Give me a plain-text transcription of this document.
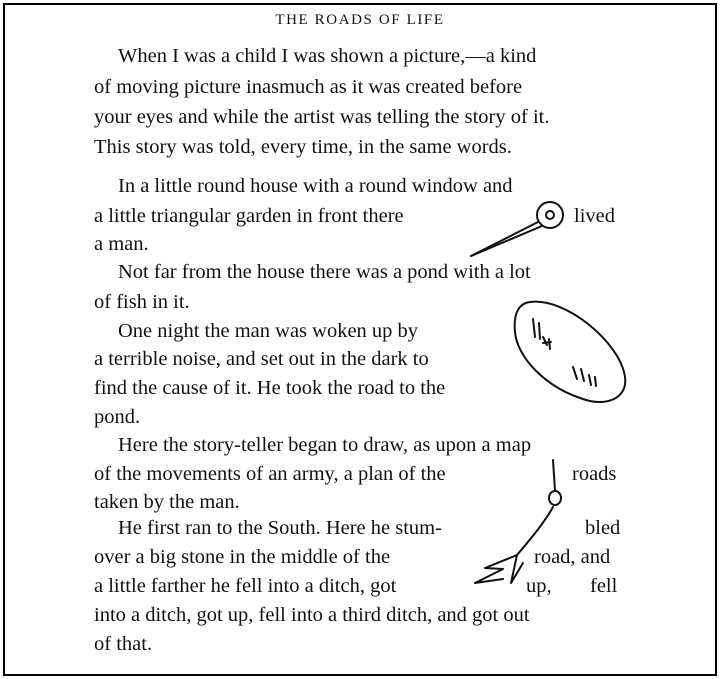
THE ROADS OF LIFE
When I was a child I was shown a picture,—a kind
of moving picture inasmuch as it was created before
your eyes and while the artist was telling the story of it.
This story was told, every time, in the same words.
In a little round house with a round window and
a little triangular garden in front there	lived
a man.
Not far from the house there was a pond with a lot
of fish in it.
One night the man was woken up by
a terrible noise, and set out in the dark to
find the cause of it. He took the road to the
pond.
Here the story-teller began to draw, as upon a map
of the movements of an army, a plan of the	roads
taken by the man.
He first ran to the South. Here he stum-	bled
over a big stone in the middle of the	road, and
a little farther he fell into a ditch, got	up, fell
into a ditch, got up, fell into a third ditch, and got out
of that.
